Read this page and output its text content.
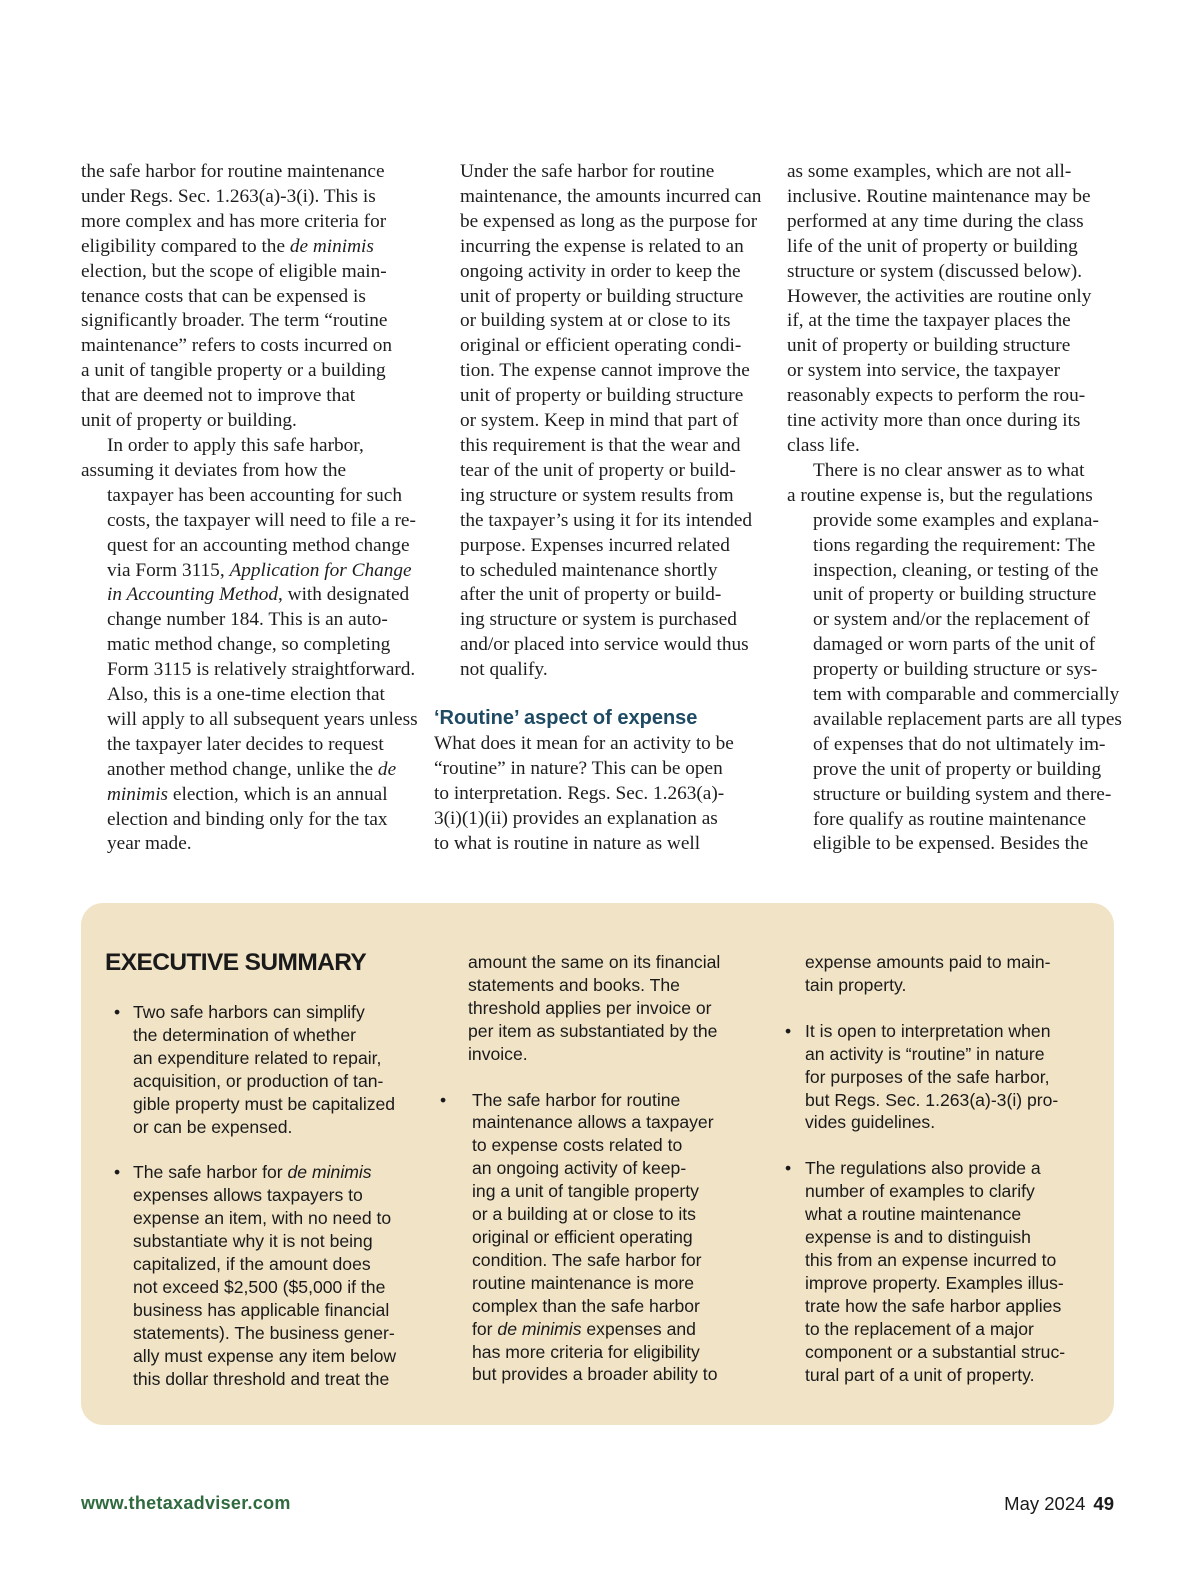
the safe harbor for routine maintenance
under Regs. Sec. 1.263(a)-3(i). This is
more complex and has more criteria for
eligibility compared to the de minimis
election, but the scope of eligible main-
tenance costs that can be expensed is
significantly broader. The term “routine
maintenance” refers to costs incurred on
a unit of tangible property or a building
that are deemed not to improve that
unit of property or building.

In order to apply this safe harbor,
assuming it deviates from how the
taxpayer has been accounting for such
costs, the taxpayer will need to file a re-
quest for an accounting method change
via Form 3115, Application for Change
in Accounting Method, with designated
change number 184. This is an auto-
matic method change, so completing
Form 3115 is relatively straightforward.
Also, this is a one-time election that
will apply to all subsequent years unless
the taxpayer later decides to request
another method change, unlike the de
minimis election, which is an annual
election and binding only for the tax
year made.

Under the safe harbor for routine
maintenance, the amounts incurred can
be expensed as long as the purpose for
incurring the expense is related to an
ongoing activity in order to keep the
unit of property or building structure
or building system at or close to its
original or efficient operating condi-
tion. The expense cannot improve the
unit of property or building structure
or system. Keep in mind that part of
this requirement is that the wear and
tear of the unit of property or build-
ing structure or system results from
the taxpayer’s using it for its intended
purpose. Expenses incurred related
to scheduled maintenance shortly
after the unit of property or build-
ing structure or system is purchased
and/or placed into service would thus
not qualify.

‘Routine’ aspect of expense

What does it mean for an activity to be
“routine” in nature? This can be open
to interpretation. Regs. Sec. 1.263(a)-
3(i)(1)(ii) provides an explanation as
to what is routine in nature as well

as some examples, which are not all-
inclusive. Routine maintenance may be
performed at any time during the class
life of the unit of property or building
structure or system (discussed below).
However, the activities are routine only
if, at the time the taxpayer places the
unit of property or building structure
or system into service, the taxpayer
reasonably expects to perform the rou-
tine activity more than once during its
class life.

There is no clear answer as to what
a routine expense is, but the regulations
provide some examples and explana-
tions regarding the requirement: The
inspection, cleaning, or testing of the
unit of property or building structure
or system and/or the replacement of
damaged or worn parts of the unit of
property or building structure or sys-
tem with comparable and commercially
available replacement parts are all types
of expenses that do not ultimately im-
prove the unit of property or building
structure or building system and there-
fore qualify as routine maintenance
eligible to be expensed. Besides the

EXECUTIVE SUMMARY
• Two safe harbors can simplify
the determination of whether
an expenditure related to repair,
acquisition, or production of tan-
gible property must be capitalized
or can be expensed.
• The safe harbor for de minimis
expenses allows taxpayers to
expense an item, with no need to
substantiate why it is not being
capitalized, if the amount does
not exceed $2,500 ($5,000 if the
business has applicable financial
statements). The business gener-
ally must expense any item below
this dollar threshold and treat the
amount the same on its financial
statements and books. The
threshold applies per invoice or
per item as substantiated by the
invoice.
• The safe harbor for routine
maintenance allows a taxpayer
to expense costs related to
an ongoing activity of keep-
ing a unit of tangible property
or a building at or close to its
original or efficient operating
condition. The safe harbor for
routine maintenance is more
complex than the safe harbor
for de minimis expenses and
has more criteria for eligibility
but provides a broader ability to
expense amounts paid to main-
tain property.
• It is open to interpretation when
an activity is “routine” in nature
for purposes of the safe harbor,
but Regs. Sec. 1.263(a)-3(i) pro-
vides guidelines.
• The regulations also provide a
number of examples to clarify
what a routine maintenance
expense is and to distinguish
this from an expense incurred to
improve property. Examples illus-
trate how the safe harbor applies
to the replacement of a major
component or a substantial struc-
tural part of a unit of property.
www.thetaxadviser.com	May 2024 49
